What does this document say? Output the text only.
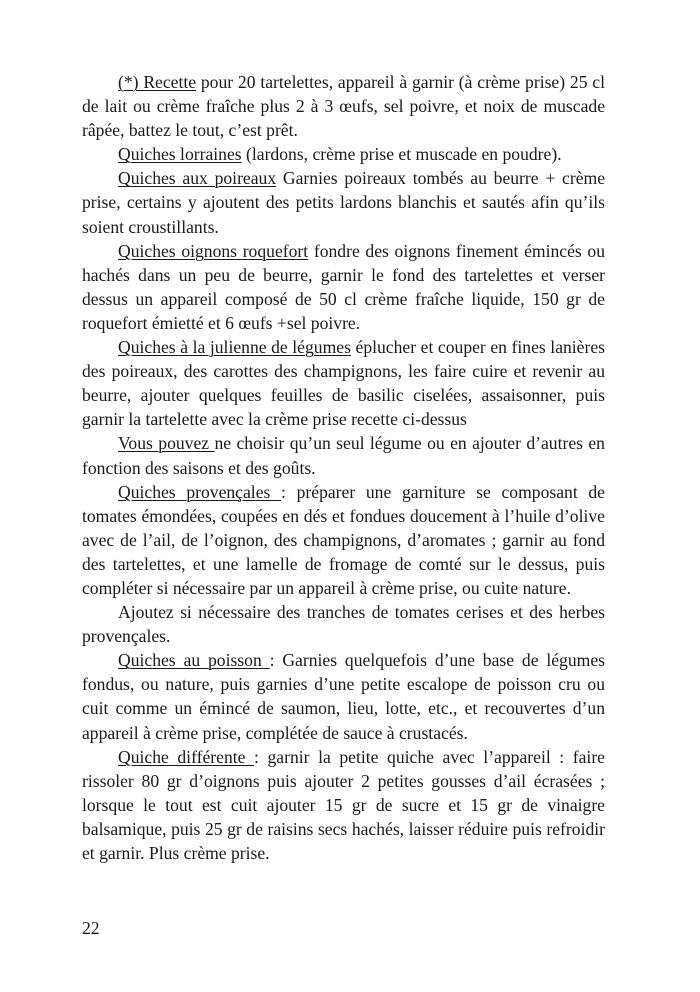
(*) Recette pour 20 tartelettes, appareil à garnir (à crème prise) 25 cl de lait ou crème fraîche plus 2 à 3 œufs, sel poivre, et noix de muscade râpée, battez le tout, c’est prêt.

Quiches lorraines (lardons, crème prise et muscade en poudre).

Quiches aux poireaux Garnies poireaux tombés au beurre + crème prise, certains y ajoutent des petits lardons blanchis et sautés afin qu’ils soient croustillants.

Quiches oignons roquefort fondre des oignons finement émincés ou hachés dans un peu de beurre, garnir le fond des tartelettes et verser dessus un appareil composé de 50 cl crème fraîche liquide, 150 gr de roquefort émietté et 6 œufs +sel poivre.

Quiches à la julienne de légumes éplucher et couper en fines lanières des poireaux, des carottes des champignons, les faire cuire et revenir au beurre, ajouter quelques feuilles de basilic ciselées, assaisonner, puis garnir la tartelette avec la crème prise recette ci-dessus

Vous pouvez ne choisir qu’un seul légume ou en ajouter d’autres en fonction des saisons et des goûts.

Quiches provençales : préparer une garniture se composant de tomates émondées, coupées en dés et fondues doucement à l’huile d’olive avec de l’ail, de l’oignon, des champignons, d’aromates ; garnir au fond des tartelettes, et une lamelle de fromage de comté sur le dessus, puis compléter si nécessaire par un appareil à crème prise, ou cuite nature.

Ajoutez si nécessaire des tranches de tomates cerises et des herbes provençales.

Quiches au poisson : Garnies quelquefois d’une base de légumes fondus, ou nature, puis garnies d’une petite escalope de poisson cru ou cuit comme un émincé de saumon, lieu, lotte, etc., et recouvertes d’un appareil à crème prise, complétée de sauce à crustacés.

Quiche différente : garnir la petite quiche avec l’appareil : faire rissoler 80 gr d’oignons puis ajouter 2 petites gousses d’ail écrasées ; lorsque le tout est cuit ajouter 15 gr de sucre et 15 gr de vinaigre balsamique, puis 25 gr de raisins secs hachés, laisser réduire puis refroidir et garnir. Plus crème prise.

22
